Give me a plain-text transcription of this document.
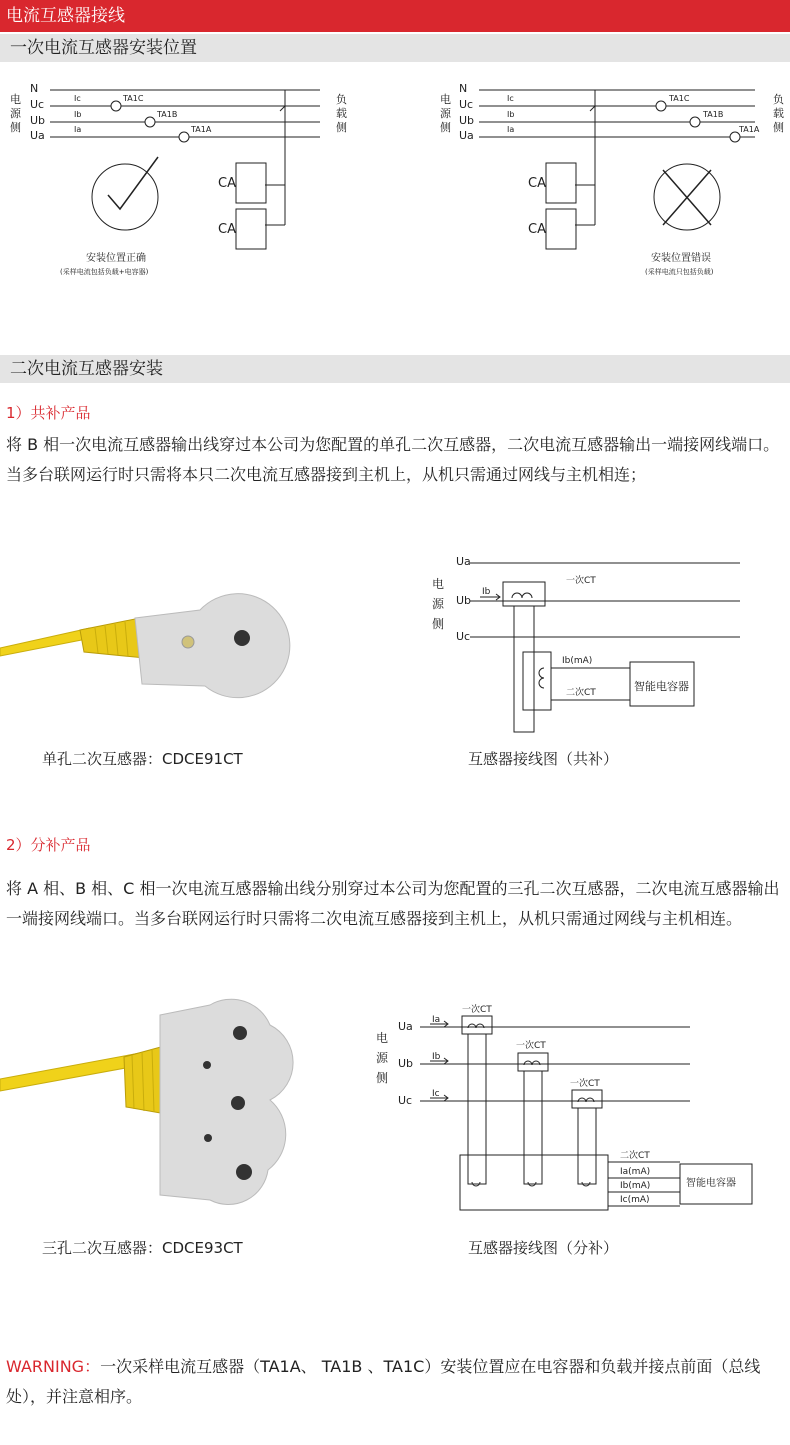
电流互感器接线
一次电流互感器安装位置
电
源
侧
负
载
侧
N
Uc
Ub
Ua
Ic
Ib
Ia
TA1C
TA1B
TA1A
CA
CA
安装位置正确
(采样电流包括负载+电容器)
电
源
侧
负
载
侧
N
Uc
Ub
Ua
Ic
Ib
Ia
TA1C
TA1B
TA1A
CA
CA
安装位置错误
(采样电流只包括负载)
二次电流互感器安装
1）共补产品
将 B 相一次电流互感器输出线穿过本公司为您配置的单孔二次互感器，二次电流互感器输出一端接网线端口。当多台联网运行时只需将本只二次电流互感器接到主机上，从机只需通过网线与主机相连；
单孔二次互感器：CDCE91CT
Ua
Ub
Uc
Ib
一次CT
Ib(mA)
二次CT	智能电容器
电
源
侧
互感器接线图（共补）
2）分补产品
将 A 相、B 相、C 相一次电流互感器输出线分别穿过本公司为您配置的三孔二次互感器，二次电流互感器输出一端接网线端口。当多台联网运行时只需将二次电流互感器接到主机上，从机只需通过网线与主机相连。
三孔二次互感器：CDCE93CT
电
源
侧
Ua
Ub
Uc
Ia
Ib
Ic
一次CT
一次CT
一次CT
二次CT
Ia(mA)
Ib(mA)
Ic(mA)
智能电容器
互感器接线图（分补）
WARNING：一次采样电流互感器（TA1A、 TA1B 、TA1C）安装位置应在电容器和负载并接点前面（总线处），并注意相序。
